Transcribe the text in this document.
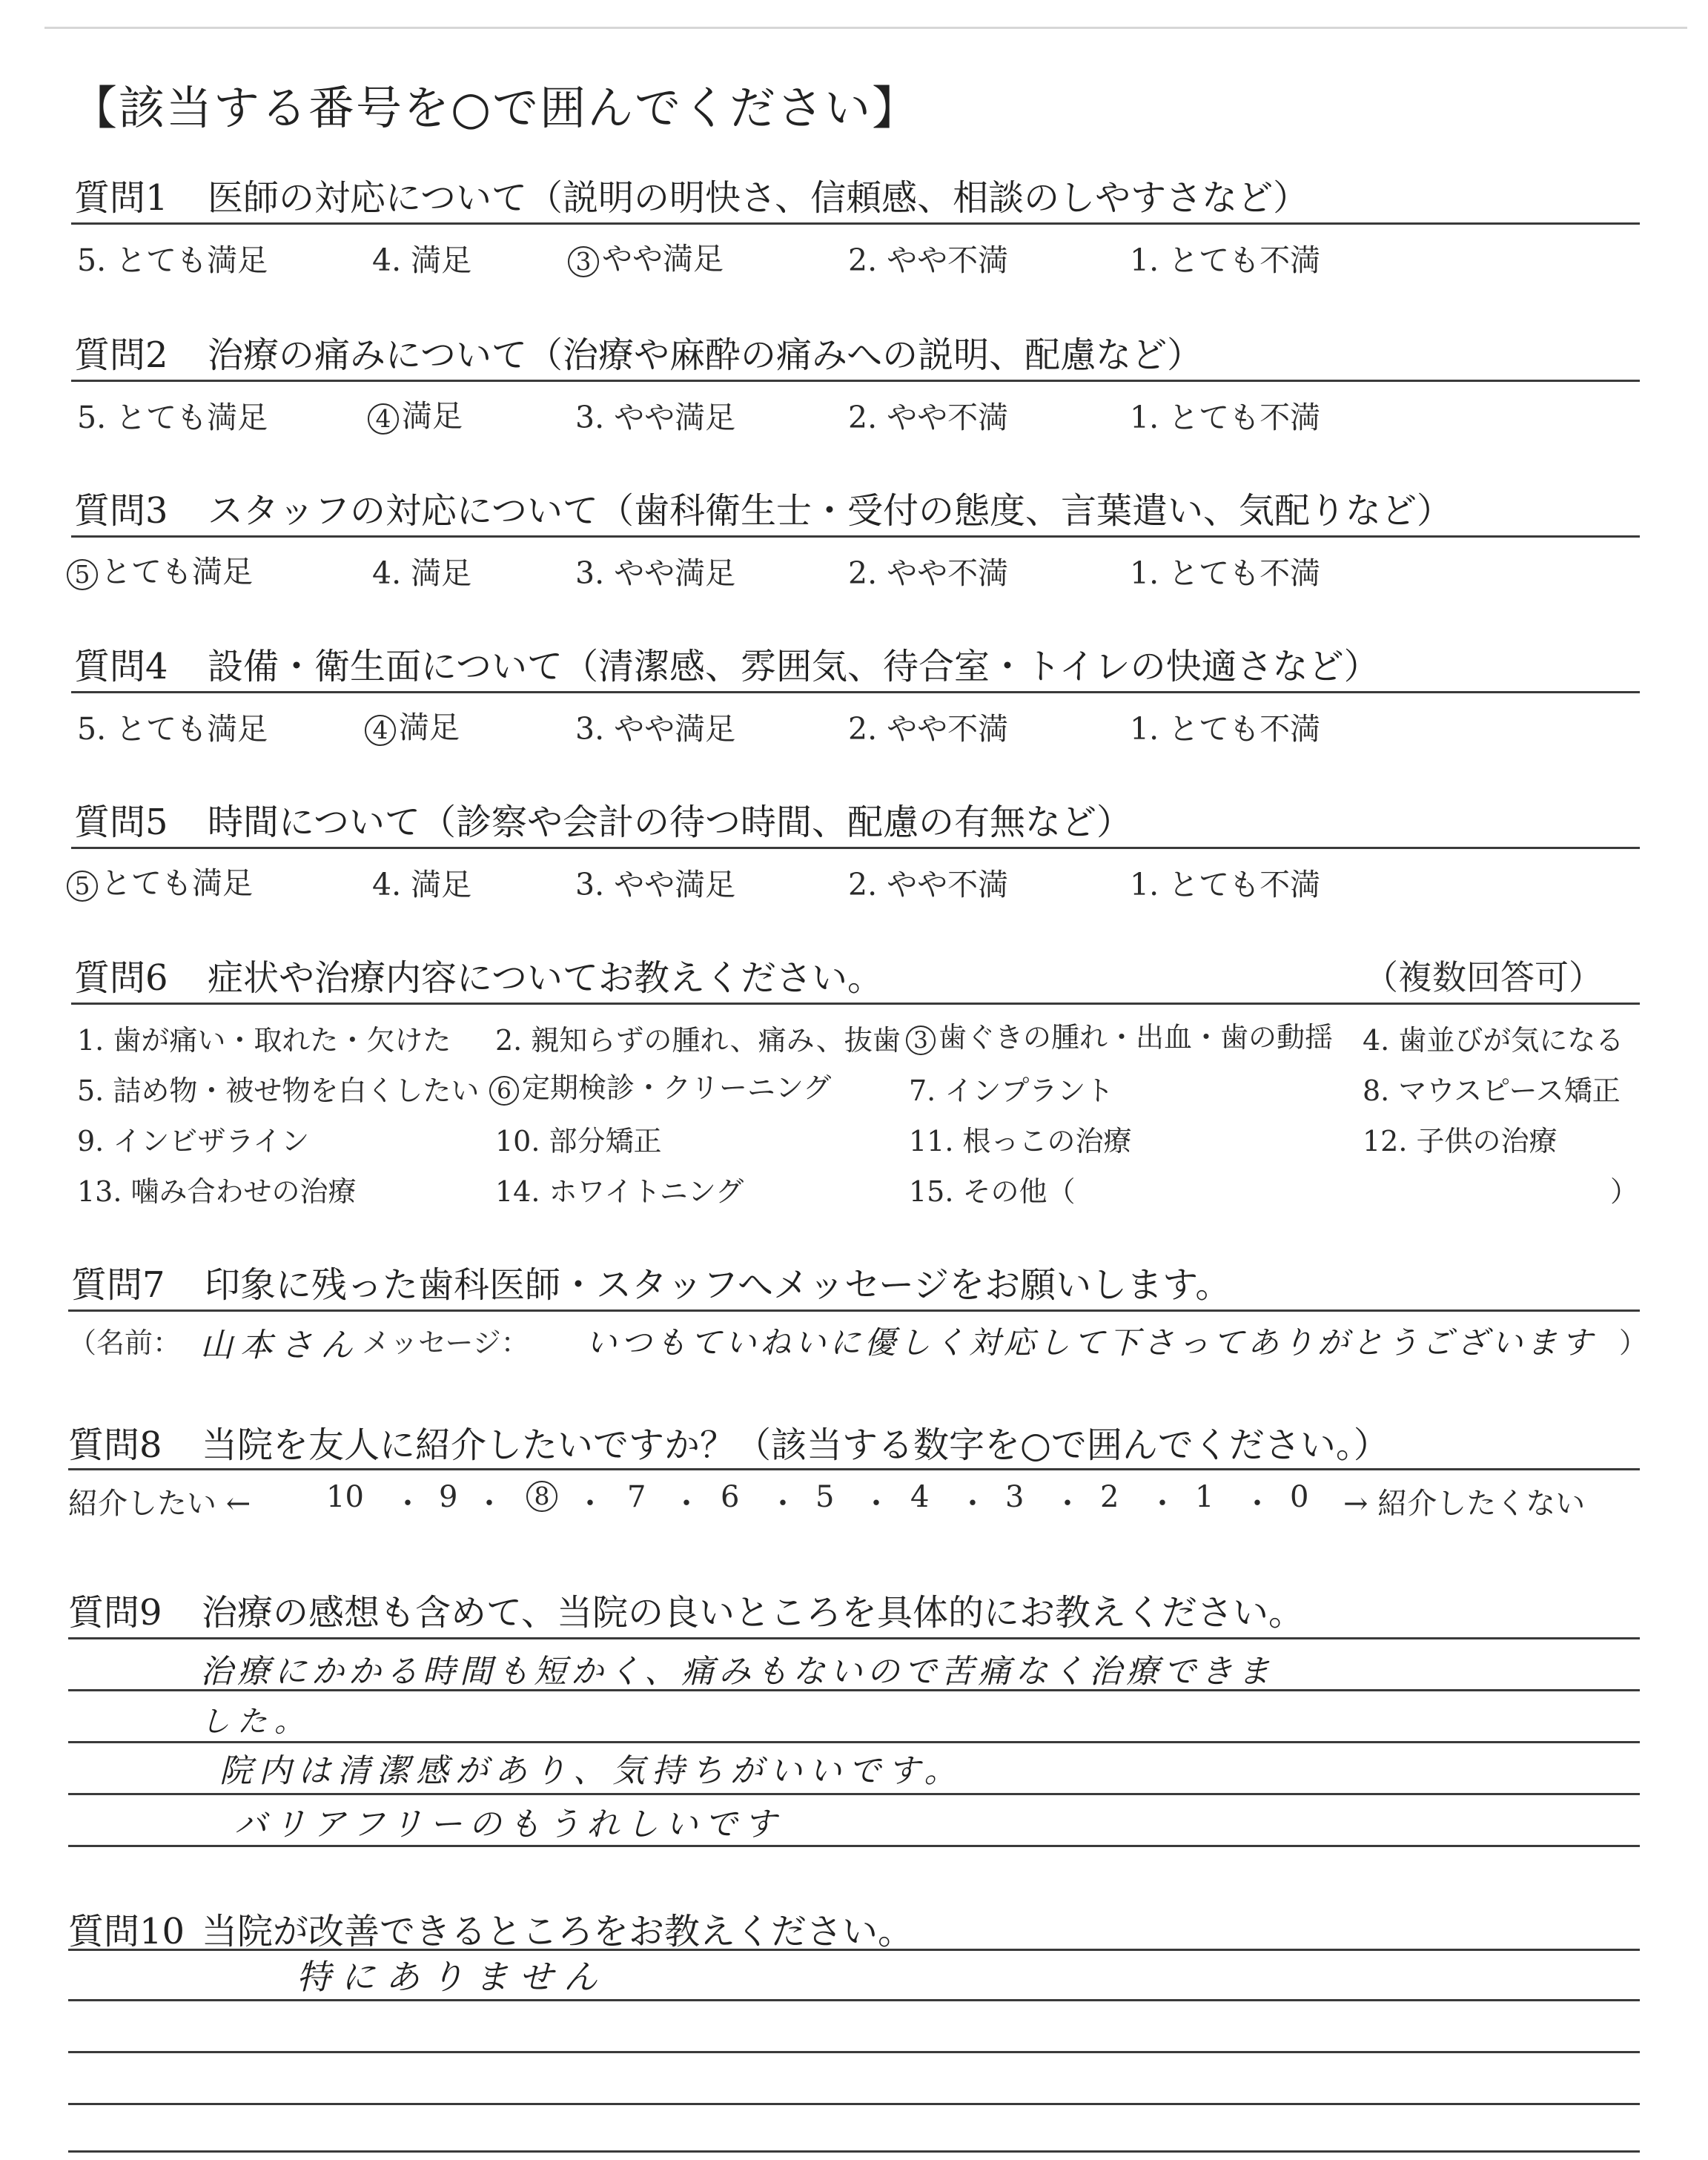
【該当する番号を○で囲んでください】
質問1 医師の対応について（説明の明快さ、信頼感、相談のしやすさなど）
5. とても満足	4. 満足	3 やや満足	2. やや不満	1. とても不満
質問2 治療の痛みについて（治療や麻酔の痛みへの説明、配慮など）
5. とても満足	4 満足	3. やや満足	2. やや不満	1. とても不満
質問3 スタッフの対応について（歯科衛生士・受付の態度、言葉遣い、気配りなど）
5 とても満足	4. 満足	3. やや満足	2. やや不満	1. とても不満
質問4 設備・衛生面について（清潔感、雰囲気、待合室・トイレの快適さなど）
5. とても満足	4 満足	3. やや満足	2. やや不満	1. とても不満
質問5 時間について（診察や会計の待つ時間、配慮の有無など）
5 とても満足	4. 満足	3. やや満足	2. やや不満	1. とても不満
質問6 症状や治療内容についてお教えください。	（複数回答可）
1. 歯が痛い・取れた・欠けた 2. 親知らずの腫れ、痛み、抜歯 3 歯ぐきの腫れ・出血・歯の動揺 4. 歯並びが気になる
5. 詰め物・被せ物を白くしたい 6 定期検診・クリーニング	7. インプラント	8. マウスピース矯正
9. インビザライン	10. 部分矯正	11. 根っこの治療	12. 子供の治療
13. 噛み合わせの治療	14. ホワイトニング	15. その他（	）
質問7 印象に残った歯科医師・スタッフへメッセージをお願いします。
（名前： 山本さん メッセージ： いつもていねいに優しく対応して下さってありがとうございます ）
質問8 当院を友人に紹介したいですか？（該当する数字を○で囲んでください。）
紹介したい ←	10 ・ 9 ・	8 ・ 7 ・ 6 ・ 5 ・ 4 ・ 3 ・ 2 ・ 1 ・ 0 → 紹介したくない
質問9 治療の感想も含めて、当院の良いところを具体的にお教えください。
治療にかかる時間も短かく、痛みもないので苦痛なく治療できま
した。
院内は清潔感があり、気持ちがいいです。
バリアフリーのもうれしいです
質問10 当院が改善できるところをお教えください。
特にありません
